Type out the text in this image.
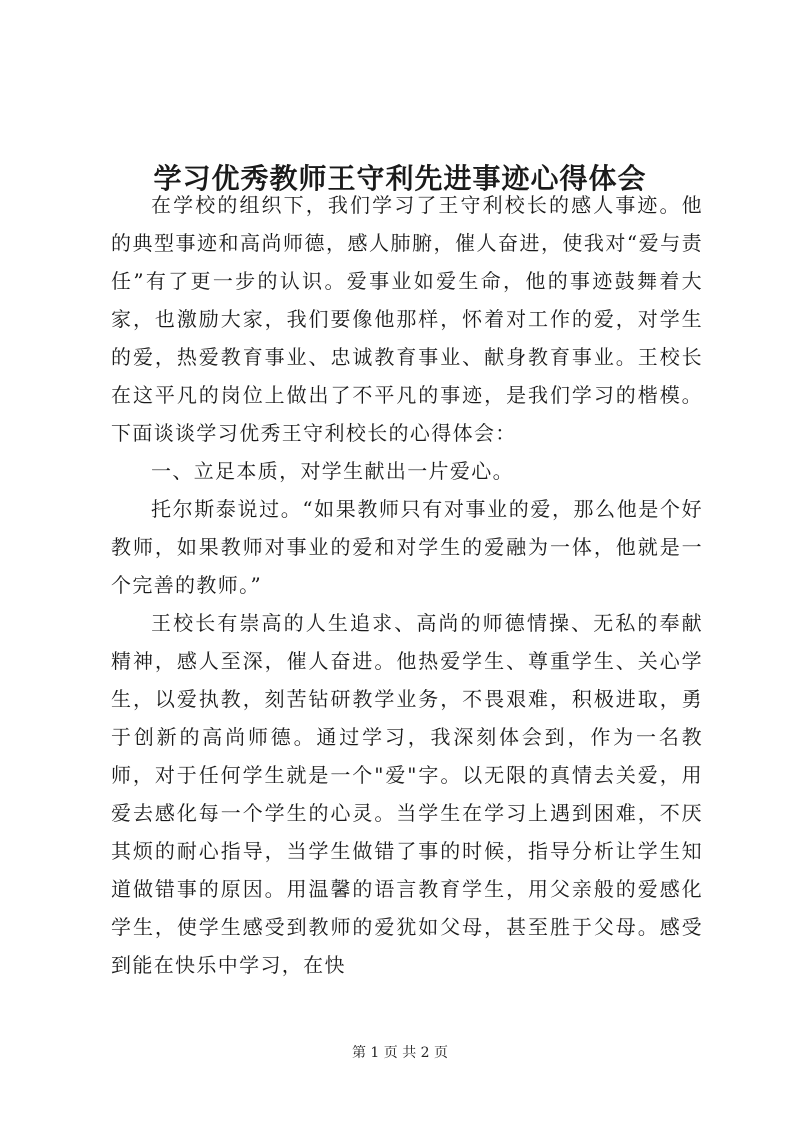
学习优秀教师王守利先进事迹心得体会

在学校的组织下，我们学习了王守利校长的感人事迹。他的典型事迹和高尚师德，感人肺腑，催人奋进，使我对“爱与责任”有了更一步的认识。爱事业如爱生命，他的事迹鼓舞着大家，也激励大家，我们要像他那样，怀着对工作的爱，对学生的爱，热爱教育事业、忠诚教育事业、献身教育事业。王校长在这平凡的岗位上做出了不平凡的事迹，是我们学习的楷模。下面谈谈学习优秀王守利校长的心得体会：

一、立足本质，对学生献出一片爱心。

托尔斯泰说过。“如果教师只有对事业的爱，那么他是个好教师，如果教师对事业的爱和对学生的爱融为一体，他就是一个完善的教师。”

王校长有崇高的人生追求、高尚的师德情操、无私的奉献精神，感人至深，催人奋进。他热爱学生、尊重学生、关心学生，以爱执教，刻苦钻研教学业务，不畏艰难，积极进取，勇于创新的高尚师德。通过学习，我深刻体会到，作为一名教师，对于任何学生就是一个"爱"字。以无限的真情去关爱，用爱去感化每一个学生的心灵。当学生在学习上遇到困难，不厌其烦的耐心指导，当学生做错了事的时候，指导分析让学生知道做错事的原因。用温馨的语言教育学生，用父亲般的爱感化学生，使学生感受到教师的爱犹如父母，甚至胜于父母。感受到能在快乐中学习，在快

第 1 页 共 2 页
